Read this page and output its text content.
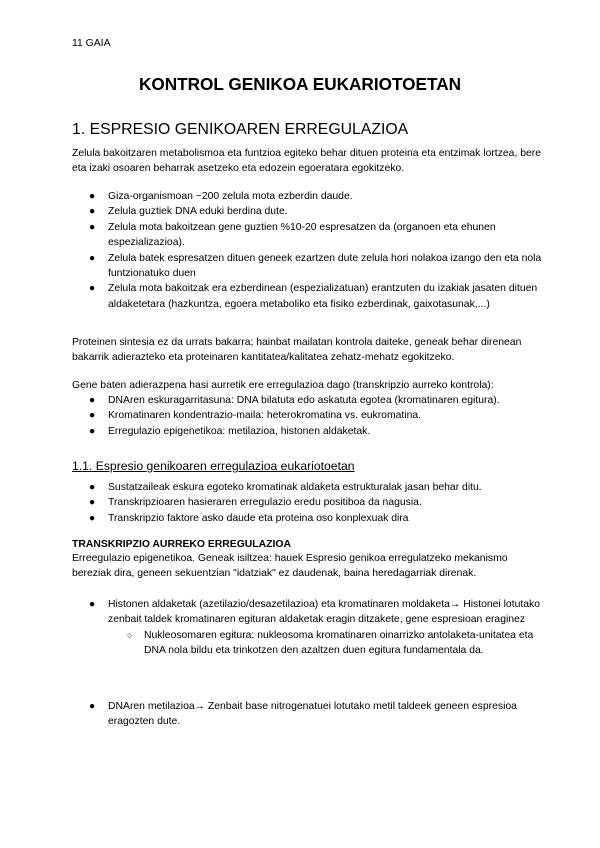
11 GAIA
KONTROL GENIKOA EUKARIOTOETAN
1. ESPRESIO GENIKOAREN ERREGULAZIOA
Zelula bakoitzaren metabolismoa eta funtzioa egiteko behar dituen proteina eta entzimak lortzea, bere eta izaki osoaren beharrak asetzeko eta edozein egoeratara egokitzeko.
● Giza-organismoan ~200 zelula mota ezberdin daude.
● Zelula guztiek DNA eduki berdina dute.
● Zelula mota bakoitzean gene guztien %10-20 espresatzen da (organoen eta ehunen espezializazioa).
● Zelula batek espresatzen dituen geneek ezartzen dute zelula hori nolakoa izango den eta nola funtzionatuko duen
● Zelula mota bakoitzak era ezberdinean (espezializatuan) erantzuten du izakiak jasaten dituen aldaketetara (hazkuntza, egoera metaboliko eta fisiko ezberdinak, gaixotasunak,...)
Proteinen sintesia ez da urrats bakarra; hainbat mailatan kontrola daiteke, geneak behar direnean bakarrik adierazteko eta proteinaren kantitatea/kalitatea zehatz-mehatz egokitzeko.
Gene baten adierazpena hasi aurretik ere erregulazioa dago (transkripzio aurreko kontrola):
● DNAren eskuragarritasuna: DNA bilatuta edo askatuta egotea (kromatinaren egitura).
● Kromatinaren kondentrazio-maila: heterokromatina vs. eukromatina.
● Erregulazio epigenetikoa: metilazioa, histonen aldaketak.
1.1. Espresio genikoaren erregulazioa eukariotoetan
● Sustatzaileak eskura egoteko kromatinak aldaketa estrukturalak jasan behar ditu.
● Transkripzioaren hasieraren erregulazio eredu positiboa da nagusia.
● Transkripzio faktore asko daude eta proteina oso konplexuak dira
TRANSKRIPZIO AURREKO ERREGULAZIOA
Erreegulazio epigenetikoa. Geneak isiltzea: hauek Espresio genikoa erregulatzeko mekanismo bereziak dira, geneen sekuentzian "idatziak" ez daudenak, baina heredagarriak direnak.
● Histonen aldaketak (azetilazio/desazetilazioa) eta kromatinaren moldaketa→ Histonei lotutako zenbait taldek kromatinaren egituran aldaketak eragin ditzakete, gene espresioan eraginez
○ Nukleosomaren egitura: nukleosoma kromatinaren oinarrizko antolaketa-unitatea eta DNA nola bildu eta trinkotzen den azaltzen duen egitura fundamentala da.
● DNAren metilazioa→ Zenbait base nitrogenatuei lotutako metil taldeek geneen espresioa eragozten dute.
